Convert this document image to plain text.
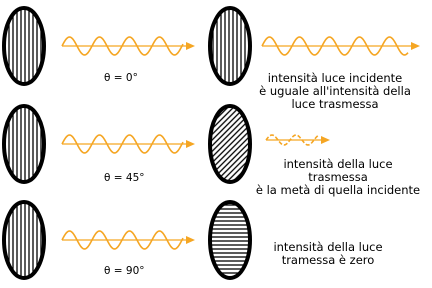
θ = 0°	intensità luce incidente
è uguale all'intensità della
luce trasmessa
θ = 45°
intensità della luce
trasmessa
è la metà di quella incidente
θ = 90°
intensità della luce
tramessa è zero
